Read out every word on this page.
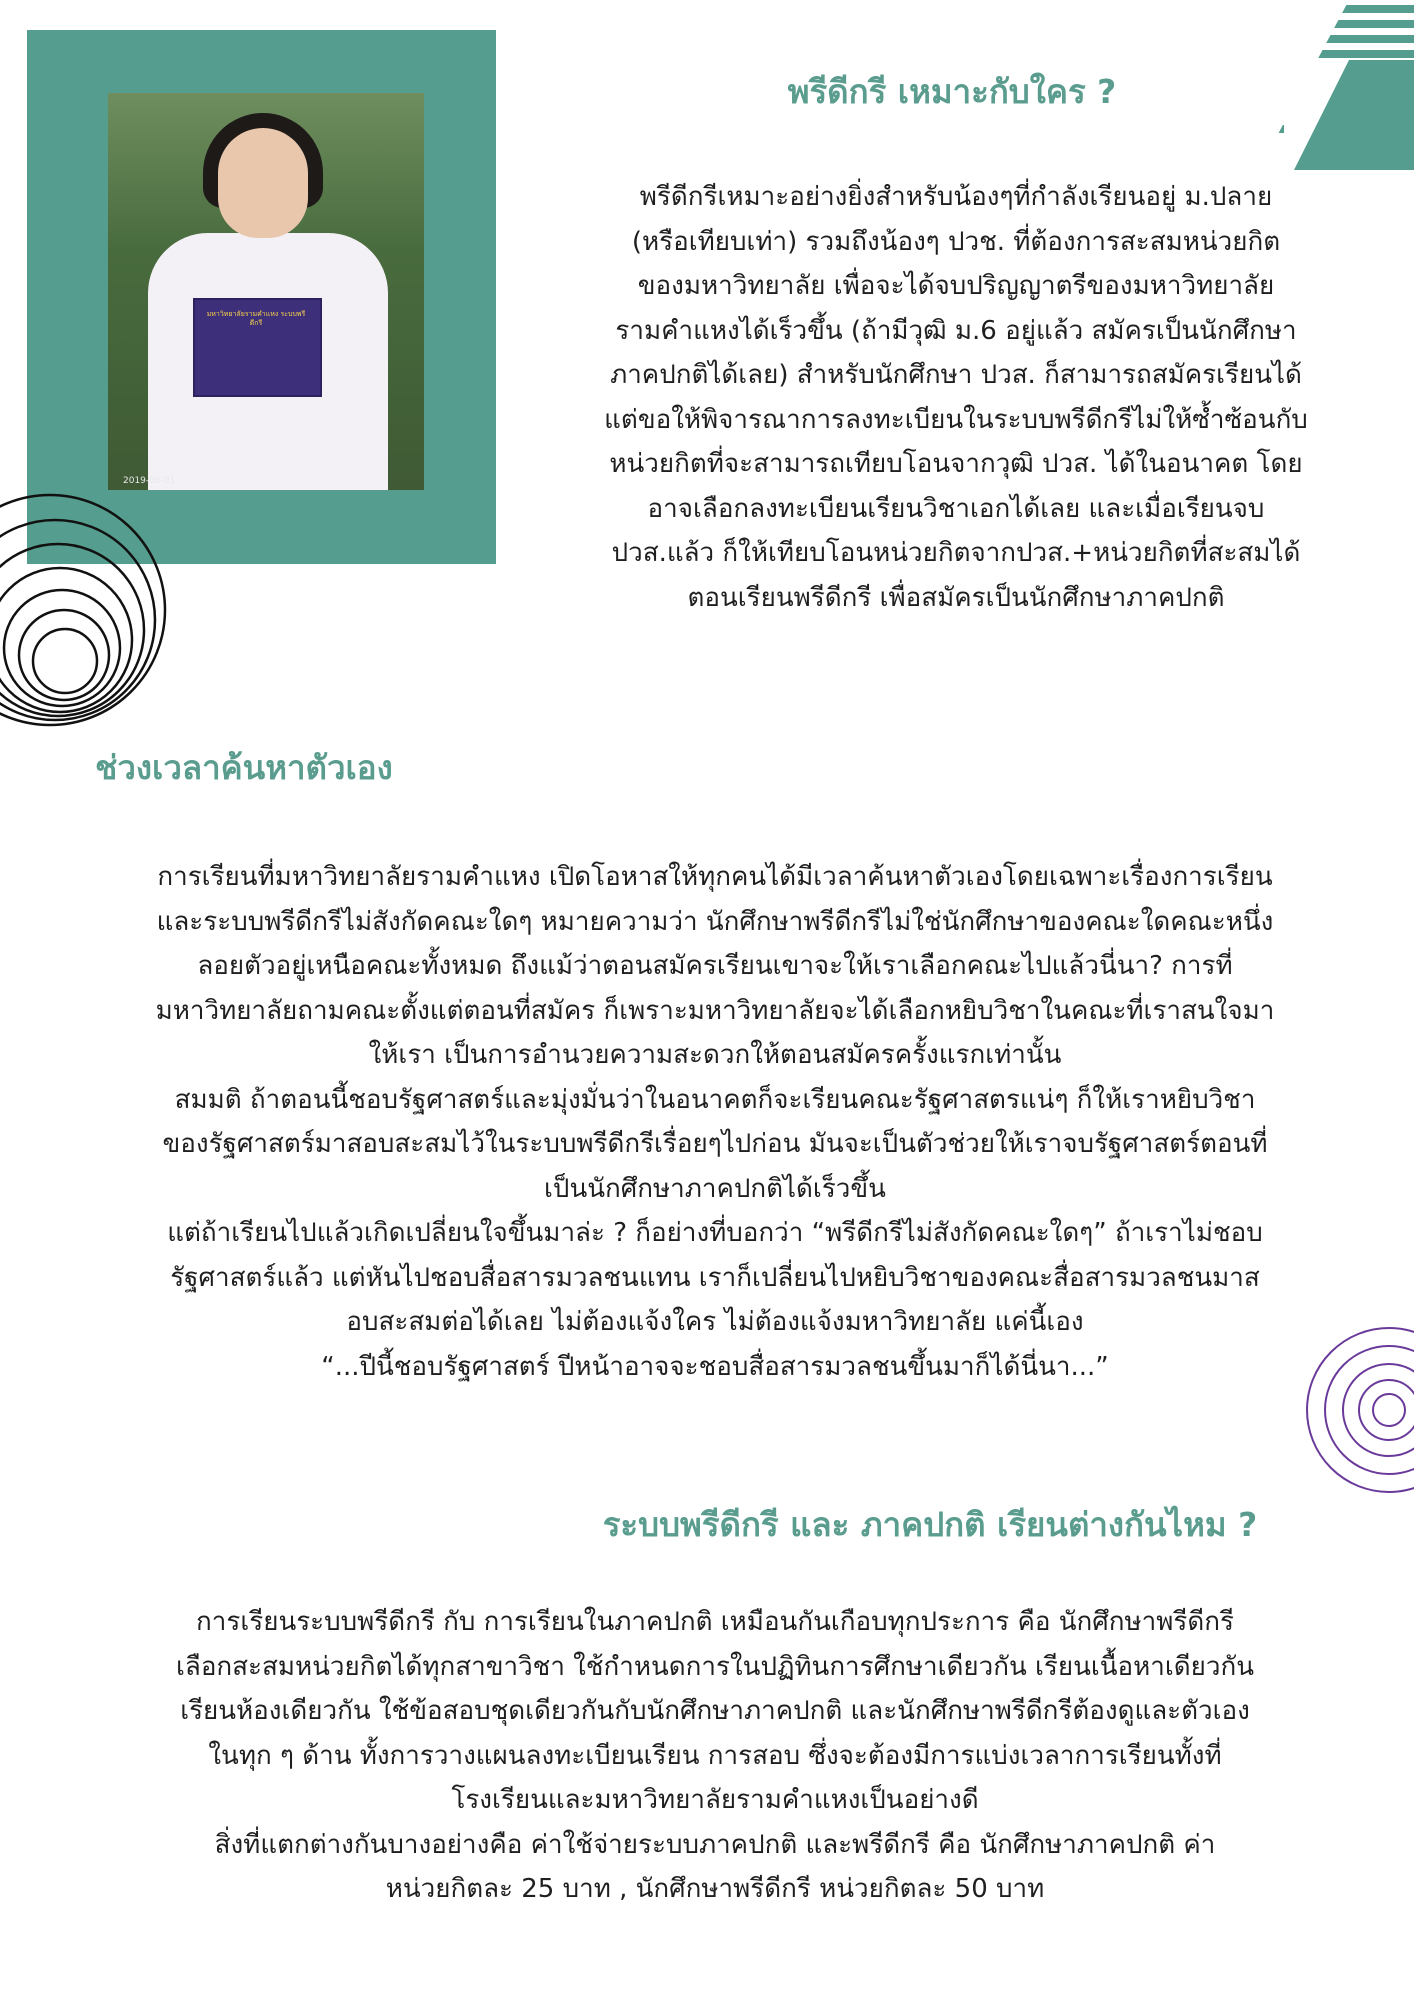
มหาวิทยาลัยรามคำแหง ระบบพรีดีกรี
2019-06-01
พรีดีกรี เหมาะกับใคร ?
พรีดีกรีเหมาะอย่างยิ่งสำหรับน้องๆที่กำลังเรียนอยู่ ม.ปลาย
(หรือเทียบเท่า) รวมถึงน้องๆ ปวช. ที่ต้องการสะสมหน่วยกิต
ของมหาวิทยาลัย เพื่อจะได้จบปริญญาตรีของมหาวิทยาลัย
รามคำแหงได้เร็วขึ้น (ถ้ามีวุฒิ ม.6 อยู่แล้ว สมัครเป็นนักศึกษา
ภาคปกติได้เลย) สำหรับนักศึกษา ปวส. ก็สามารถสมัครเรียนได้
แต่ขอให้พิจารณาการลงทะเบียนในระบบพรีดีกรีไม่ให้ซ้ำซ้อนกับ
หน่วยกิตที่จะสามารถเทียบโอนจากวุฒิ ปวส. ได้ในอนาคต โดย
อาจเลือกลงทะเบียนเรียนวิชาเอกได้เลย และเมื่อเรียนจบ
ปวส.แล้ว ก็ให้เทียบโอนหน่วยกิตจากปวส.+หน่วยกิตที่สะสมได้
ตอนเรียนพรีดีกรี เพื่อสมัครเป็นนักศึกษาภาคปกติ
ช่วงเวลาค้นหาตัวเอง
การเรียนที่มหาวิทยาลัยรามคำแหง เปิดโอหาสให้ทุกคนได้มีเวลาค้นหาตัวเองโดยเฉพาะเรื่องการเรียน
และระบบพรีดีกรีไม่สังกัดคณะใดๆ หมายความว่า นักศึกษาพรีดีกรีไม่ใช่นักศึกษาของคณะใดคณะหนึ่ง
ลอยตัวอยู่เหนือคณะทั้งหมด ถึงแม้ว่าตอนสมัครเรียนเขาจะให้เราเลือกคณะไปแล้วนี่นา? การที่
มหาวิทยาลัยถามคณะตั้งแต่ตอนที่สมัคร ก็เพราะมหาวิทยาลัยจะได้เลือกหยิบวิชาในคณะที่เราสนใจมา
ให้เรา เป็นการอำนวยความสะดวกให้ตอนสมัครครั้งแรกเท่านั้น
สมมติ ถ้าตอนนี้ชอบรัฐศาสตร์และมุ่งมั่นว่าในอนาคตก็จะเรียนคณะรัฐศาสตรแน่ๆ ก็ให้เราหยิบวิชา
ของรัฐศาสตร์มาสอบสะสมไว้ในระบบพรีดีกรีเรื่อยๆไปก่อน มันจะเป็นตัวช่วยให้เราจบรัฐศาสตร์ตอนที่
เป็นนักศึกษาภาคปกติได้เร็วขึ้น
แต่ถ้าเรียนไปแล้วเกิดเปลี่ยนใจขึ้นมาล่ะ ? ก็อย่างที่บอกว่า “พรีดีกรีไม่สังกัดคณะใดๆ” ถ้าเราไม่ชอบ
รัฐศาสตร์แล้ว แต่หันไปชอบสื่อสารมวลชนแทน เราก็เปลี่ยนไปหยิบวิชาของคณะสื่อสารมวลชนมาส
อบสะสมต่อได้เลย ไม่ต้องแจ้งใคร ไม่ต้องแจ้งมหาวิทยาลัย แค่นี้เอง
“...ปีนี้ชอบรัฐศาสตร์ ปีหน้าอาจจะชอบสื่อสารมวลชนขึ้นมาก็ได้นี่นา...”
ระบบพรีดีกรี และ ภาคปกติ เรียนต่างกันไหม ?
การเรียนระบบพรีดีกรี กับ การเรียนในภาคปกติ เหมือนกันเกือบทุกประการ คือ นักศึกษาพรีดีกรี
เลือกสะสมหน่วยกิตได้ทุกสาขาวิชา ใช้กำหนดการในปฏิทินการศึกษาเดียวกัน เรียนเนื้อหาเดียวกัน
เรียนห้องเดียวกัน ใช้ข้อสอบชุดเดียวกันกับนักศึกษาภาคปกติ และนักศึกษาพรีดีกรีต้องดูและตัวเอง
ในทุก ๆ ด้าน ทั้งการวางแผนลงทะเบียนเรียน การสอบ ซึ่งจะต้องมีการแบ่งเวลาการเรียนทั้งที่
โรงเรียนและมหาวิทยาลัยรามคำแหงเป็นอย่างดี
สิ่งที่แตกต่างกันบางอย่างคือ ค่าใช้จ่ายระบบภาคปกติ และพรีดีกรี คือ นักศึกษาภาคปกติ ค่า
หน่วยกิตละ 25 บาท , นักศึกษาพรีดีกรี หน่วยกิตละ 50 บาท
